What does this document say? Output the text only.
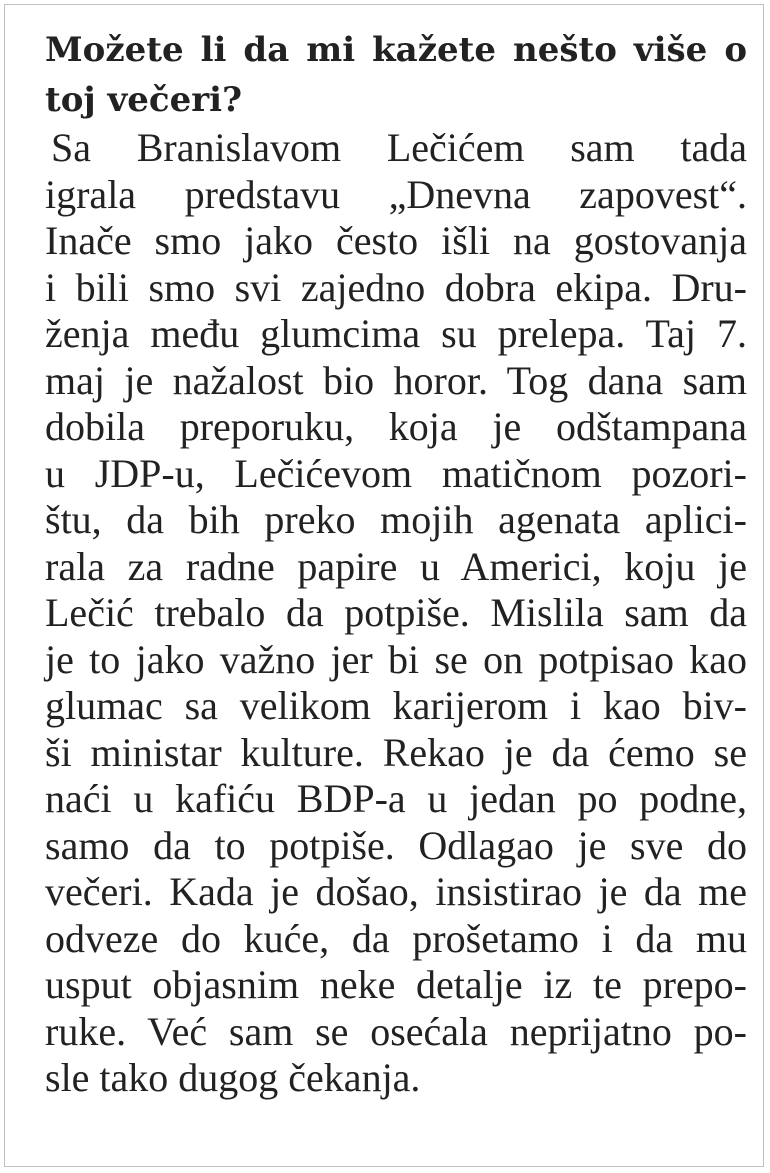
Možete li da mi kažete nešto više o
toj večeri?

Sa Branislavom Lečićem sam tada
igrala predstavu „Dnevna zapovest“.
Inače smo jako često išli na gostovanja
i bili smo svi zajedno dobra ekipa. Dru-
ženja među glumcima su prelepa. Taj 7.
maj je nažalost bio horor. Tog dana sam
dobila preporuku, koja je odštampana
u JDP-u, Lečićevom matičnom pozori-
štu, da bih preko mojih agenata aplici-
rala za radne papire u Americi, koju je
Lečić trebalo da potpiše. Mislila sam da
je to jako važno jer bi se on potpisao kao
glumac sa velikom karijerom i kao biv-
ši ministar kulture. Rekao je da ćemo se
naći u kafiću BDP-a u jedan po podne,
samo da to potpiše. Odlagao je sve do
večeri. Kada je došao, insistirao je da me
odveze do kuće, da prošetamo i da mu
usput objasnim neke detalje iz te prepo-
ruke. Već sam se osećala neprijatno po-
sle tako dugog čekanja.
